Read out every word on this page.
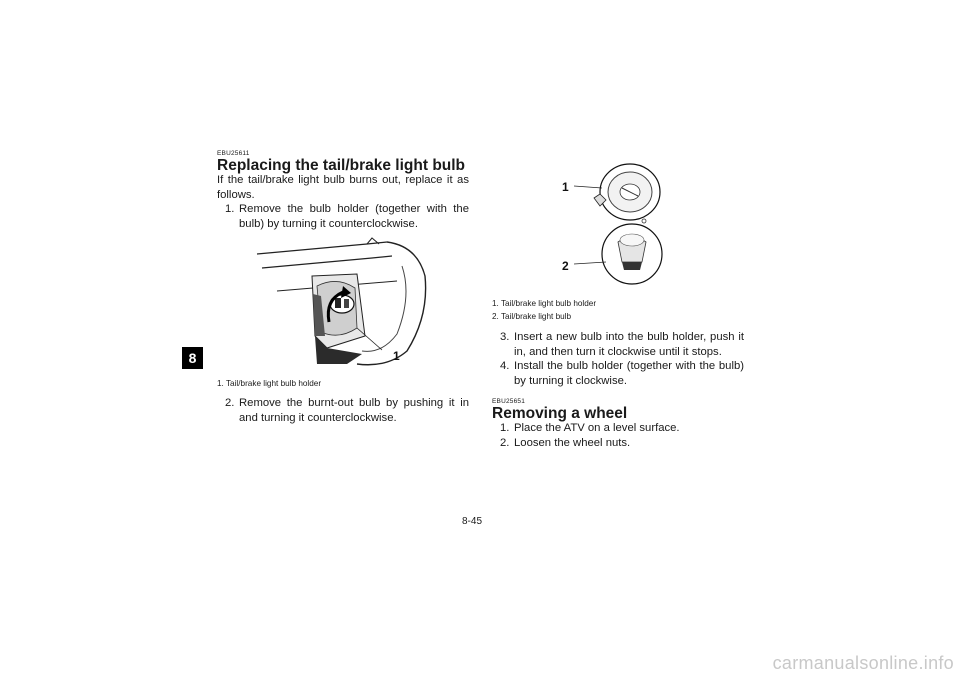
8
EBU25611
Replacing the tail/brake light bulb
If the tail/brake light bulb burns out, replace it as follows.
1. Remove the bulb holder (together with the bulb) by turning it counterclockwise.
1
1. Tail/brake light bulb holder
2. Remove the burnt-out bulb by pushing it in and turning it counterclockwise.
1
2
1. Tail/brake light bulb holder
2. Tail/brake light bulb
3. Insert a new bulb into the bulb holder, push it in, and then turn it clockwise until it stops.
4. Install the bulb holder (together with the bulb) by turning it clockwise.
EBU25651
Removing a wheel
1. Place the ATV on a level surface.
2. Loosen the wheel nuts.
8-45
carmanualsonline.info
